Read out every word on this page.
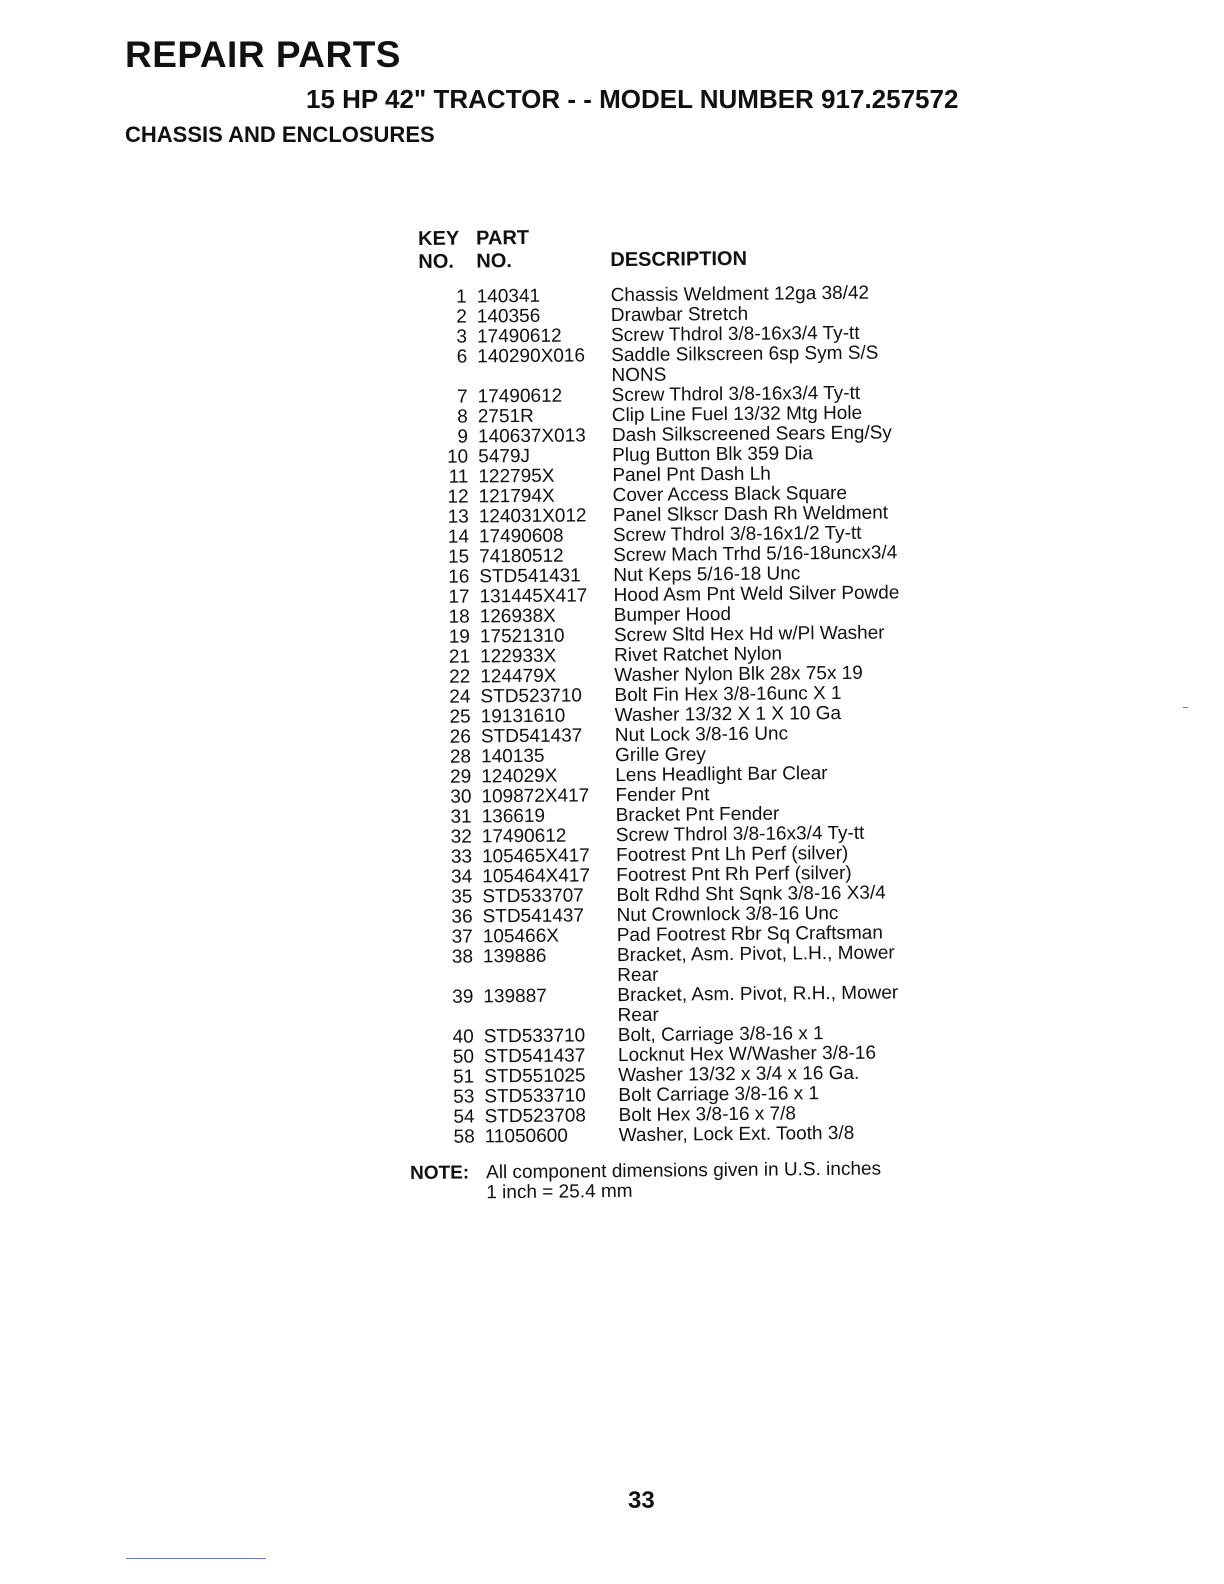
REPAIR PARTS
15 HP 42" TRACTOR - - MODEL NUMBER 917.257572
CHASSIS AND ENCLOSURES
KEY	PART	
NO.	NO.	DESCRIPTION

1	140341	Chassis Weldment 12ga 38/42
2	140356	Drawbar Stretch
3	17490612	Screw Thdrol 3/8-16x3/4 Ty-tt
6	140290X016	Saddle Silkscreen 6sp Sym S/S NONS
7	17490612	Screw Thdrol 3/8-16x3/4 Ty-tt
8	2751R	Clip Line Fuel 13/32 Mtg Hole
9	140637X013	Dash Silkscreened Sears Eng/Sy
10	5479J	Plug Button Blk 359 Dia
11	122795X	Panel Pnt Dash Lh
12	121794X	Cover Access Black Square
13	124031X012	Panel Slkscr Dash Rh Weldment
14	17490608	Screw Thdrol 3/8-16x1/2 Ty-tt
15	74180512	Screw Mach Trhd 5/16-18uncx3/4
16	STD541431	Nut Keps 5/16-18 Unc
17	131445X417	Hood Asm Pnt Weld Silver Powde
18	126938X	Bumper Hood
19	17521310	Screw Sltd Hex Hd w/Pl Washer
21	122933X	Rivet Ratchet Nylon
22	124479X	Washer Nylon Blk 28x 75x 19
24	STD523710	Bolt Fin Hex 3/8-16unc X 1
25	19131610	Washer 13/32 X 1 X 10 Ga
26	STD541437	Nut Lock 3/8-16 Unc
28	140135	Grille Grey
29	124029X	Lens Headlight Bar Clear
30	109872X417	Fender Pnt
31	136619	Bracket Pnt Fender
32	17490612	Screw Thdrol 3/8-16x3/4 Ty-tt
33	105465X417	Footrest Pnt Lh Perf (silver)
34	105464X417	Footrest Pnt Rh Perf (silver)
35	STD533707	Bolt Rdhd Sht Sqnk 3/8-16 X3/4
36	STD541437	Nut Crownlock 3/8-16 Unc
37	105466X	Pad Footrest Rbr Sq Craftsman
38	139886	Bracket, Asm. Pivot, L.H., Mower Rear
39	139887	Bracket, Asm. Pivot, R.H., Mower Rear
40	STD533710	Bolt, Carriage 3/8-16 x 1
50	STD541437	Locknut Hex W/Washer 3/8-16
51	STD551025	Washer 13/32 x 3/4 x 16 Ga.
53	STD533710	Bolt Carriage 3/8-16 x 1
54	STD523708	Bolt Hex 3/8-16 x 7/8
58	11050600	Washer, Lock Ext. Tooth 3/8
NOTE: All component dimensions given in U.S. inches
1 inch = 25.4 mm
33
